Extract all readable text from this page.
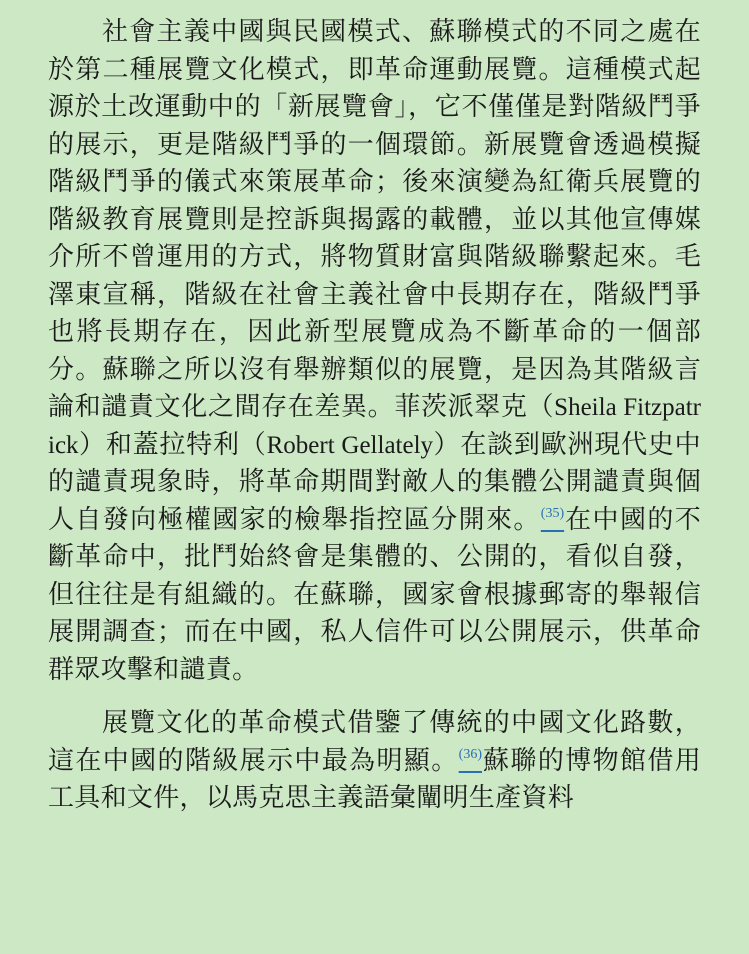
社會主義中國與民國模式、蘇聯模式的不同之處在於第二種展覽文化模式，即革命運動展覽。這種模式起源於土改運動中的「新展覽會」，它不僅僅是對階級鬥爭的展示，更是階級鬥爭的一個環節。新展覽會透過模擬階級鬥爭的儀式來策展革命；後來演變為紅衛兵展覽的階級教育展覽則是控訴與揭露的載體，並以其他宣傳媒介所不曾運用的方式，將物質財富與階級聯繫起來。毛澤東宣稱，階級在社會主義社會中長期存在，階級鬥爭也將長期存在，因此新型展覽成為不斷革命的一個部分。蘇聯之所以沒有舉辦類似的展覽，是因為其階級言論和譴責文化之間存在差異。菲茨派翠克（Sheila Fitzpatrick）和蓋拉特利（Robert Gellately）在談到歐洲現代史中的譴責現象時，將革命期間對敵人的集體公開譴責與個人自發向極權國家的檢舉指控區分開來。$^{(35)}$在中國的不斷革命中，批鬥始終會是集體的、公開的，看似自發，但往往是有組織的。在蘇聯，國家會根據郵寄的舉報信展開調查；而在中國，私人信件可以公開展示，供革命群眾攻擊和譴責。

展覽文化的革命模式借鑒了傳統的中國文化路數，這在中國的階級展示中最為明顯。$^{(36)}$蘇聯的博物館借用工具和文件，以馬克思主義語彙闡明生產資料
